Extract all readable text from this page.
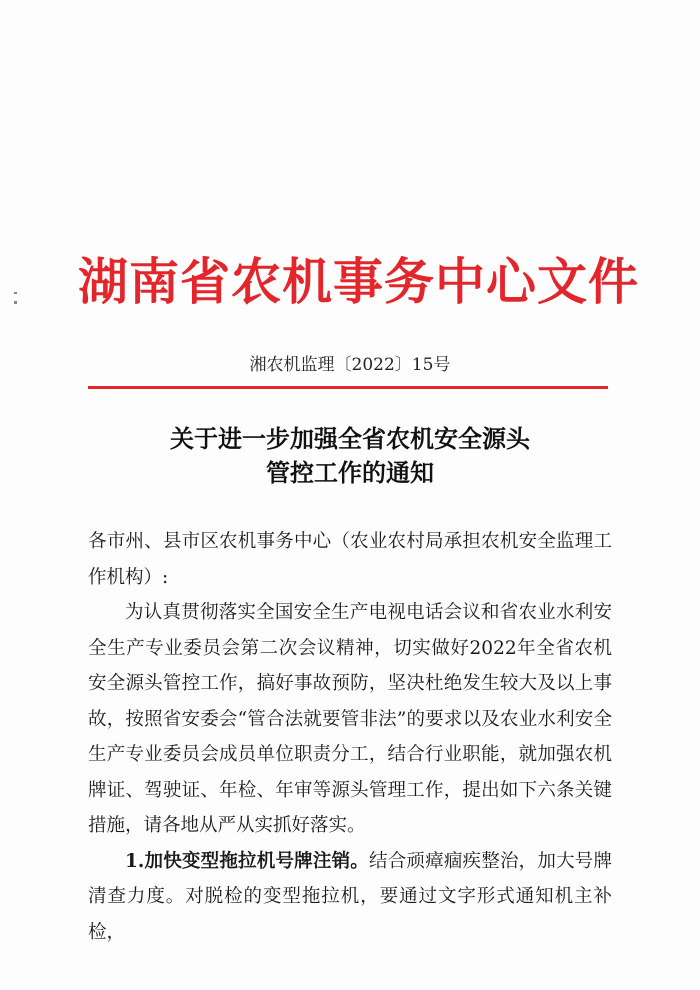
湖南省农机事务中心文件
湘农机监理〔2022〕15号
关于进一步加强全省农机安全源头
管控工作的通知

各市州、县市区农机事务中心（农业农村局承担农机安全监理工作机构）:

为认真贯彻落实全国安全生产电视电话会议和省农业水利安全生产专业委员会第二次会议精神，切实做好2022年全省农机安全源头管控工作，搞好事故预防，坚决杜绝发生较大及以上事故，按照省安委会“管合法就要管非法”的要求以及农业水利安全生产专业委员会成员单位职责分工，结合行业职能，就加强农机牌证、驾驶证、年检、年审等源头管理工作，提出如下六条关键措施，请各地从严从实抓好落实。

1.加快变型拖拉机号牌注销。结合顽瘴痼疾整治，加大号牌清查力度。对脱检的变型拖拉机，要通过文字形式通知机主补检，
